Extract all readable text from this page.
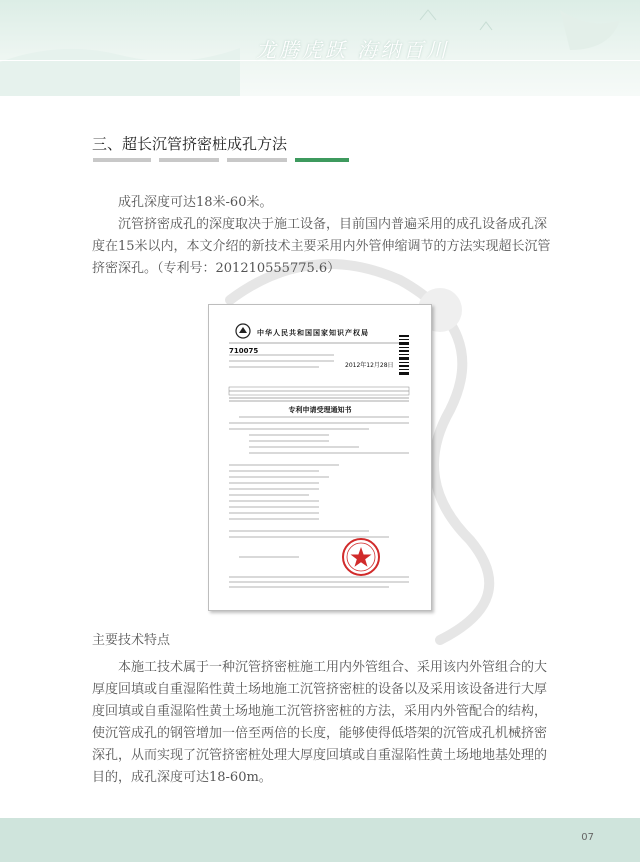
龙腾虎跃 海纳百川
三、超长沉管挤密桩成孔方法

成孔深度可达18米-60米。

沉管挤密成孔的深度取决于施工设备，目前国内普遍采用的成孔设备成孔深度在15米以内，本文介绍的新技术主要采用内外管伸缩调节的方法实现超长沉管挤密深孔。（专利号：201210555775.6）

中华人民共和国国家知识产权局
710075
2012年12月28日
专利申请受理通知书
主要技术特点

本施工技术属于一种沉管挤密桩施工用内外管组合、采用该内外管组合的大厚度回填或自重湿陷性黄土场地施工沉管挤密桩的设备以及采用该设备进行大厚度回填或自重湿陷性黄土场地施工沉管挤密桩的方法，采用内外管配合的结构，使沉管成孔的钢管增加一倍至两倍的长度，能够使得低塔架的沉管成孔机械挤密深孔，从而实现了沉管挤密桩处理大厚度回填或自重湿陷性黄土场地地基处理的目的，成孔深度可达18-60m。

07
